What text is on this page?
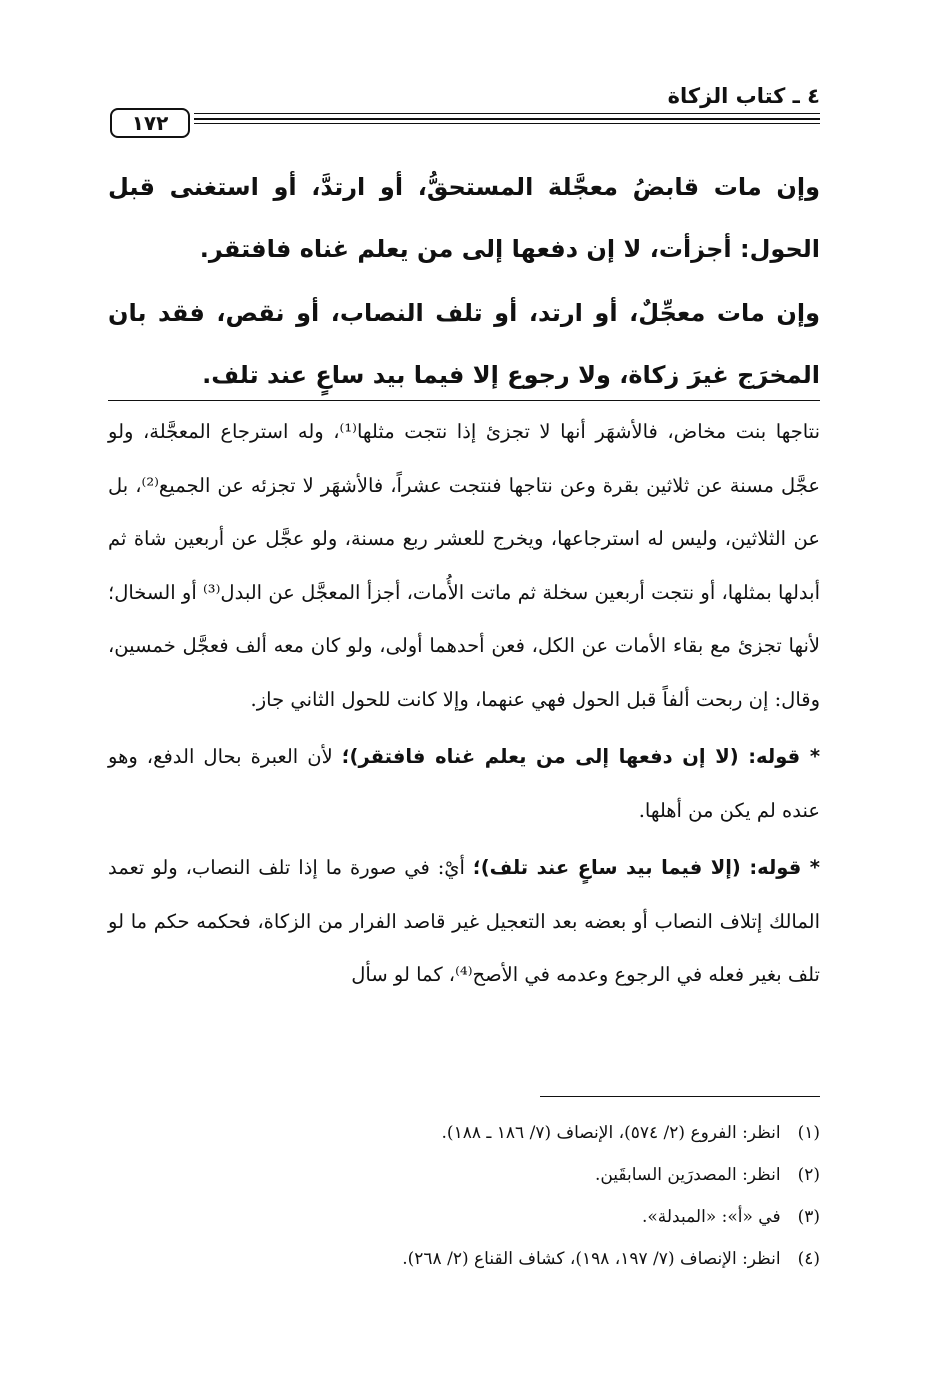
١٧٢
٤ ـ كتاب الزكاة

وإن مات قابضُ معجَّلة المستحقُّ، أو ارتدَّ، أو استغنى قبل الحول: أجزأت، لا إن دفعها إلى من يعلم غناه فافتقر.

وإن مات معجِّلٌ، أو ارتد، أو تلف النصاب، أو نقص، فقد بان المخرَج غيرَ زكاة، ولا رجوع إلا فيما بيد ساعٍ عند تلف.

نتاجها بنت مخاض، فالأشهَر أنها لا تجزئ إذا نتجت مثلها⁽¹⁾، وله استرجاع المعجَّلة، ولو عجَّل مسنة عن ثلاثين بقرة وعن نتاجها فنتجت عشراً، فالأشهَر لا تجزئه عن الجميع⁽²⁾، بل عن الثلاثين، وليس له استرجاعها، ويخرج للعشر ربع مسنة، ولو عجَّل عن أربعين شاة ثم أبدلها بمثلها، أو نتجت أربعين سخلة ثم ماتت الأُمات، أجزأ المعجَّل عن البدل⁽³⁾ أو السخال؛ لأنها تجزئ مع بقاء الأمات عن الكل، فعن أحدهما أولى، ولو كان معه ألف فعجَّل خمسين، وقال: إن ربحت ألفاً قبل الحول فهي عنهما، وإلا كانت للحول الثاني جاز.

* قوله: (لا إن دفعها إلى من يعلم غناه فافتقر)؛ لأن العبرة بحال الدفع، وهو عنده لم يكن من أهلها.

* قوله: (إلا فيما بيد ساعٍ عند تلف)؛ أيْ: في صورة ما إذا تلف النصاب، ولو تعمد المالك إتلاف النصاب أو بعضه بعد التعجيل غير قاصد الفرار من الزكاة، فحكمه حكم ما لو تلف بغير فعله في الرجوع وعدمه في الأصح⁽⁴⁾، كما لو سأل

(١) انظر: الفروع (٢/ ٥٧٤)، الإنصاف (٧/ ١٨٦ ـ ١٨٨).

(٢) انظر: المصدرَين السابقَين.

(٣) في «أ»: «المبدلة».

(٤) انظر: الإنصاف (٧/ ١٩٧، ١٩٨)، كشاف القناع (٢/ ٢٦٨).
